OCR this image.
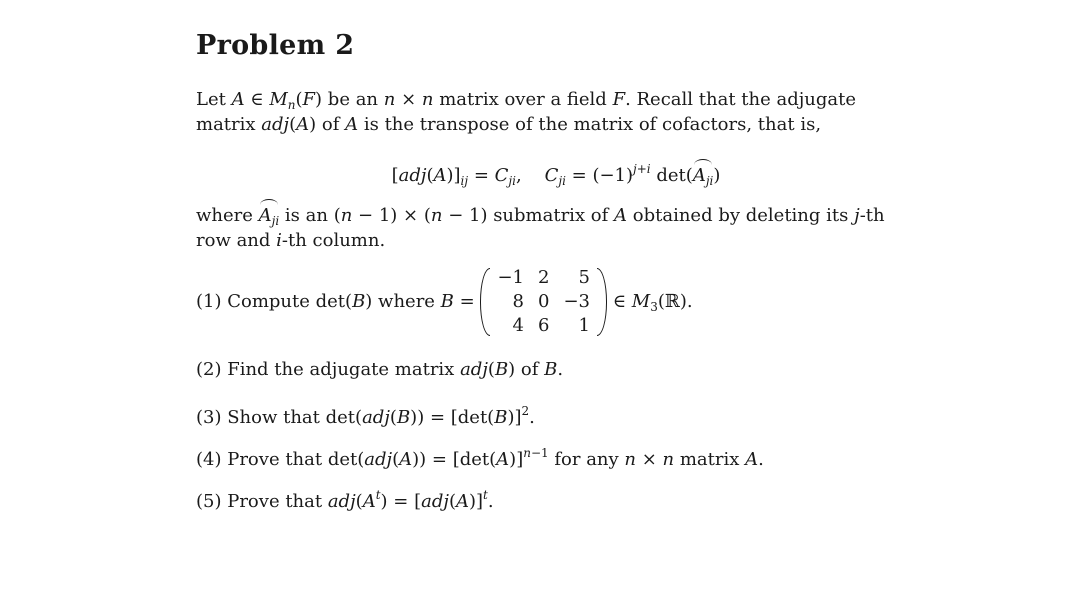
Problem 2
Let A ∈ $M_n(F)$ be an n × n matrix over a field F. Recall that the adjugate
matrix adj(A) of A is the transpose of the matrix of cofactors, that is,
$[adj(A)]_{ij} = C_{ji}$,    $C_{ji} = (-1)^{j+i}$ $\det(A_{ji})$
where $A_{ji}$ is an (n − 1) × (n − 1) submatrix of A obtained by deleting its j-th
row and i-th column.
(1) Compute det(B) where B =
−1	2	5
8	0	−3
4	6	1
∈ $M_3(ℝ)$.
(2) Find the adjugate matrix adj(B) of B.
(3) Show that $\det(adj(B)) = [\det(B)]^2$.
(4) Prove that $\det(adj(A)) = [\det(A)]^{n-1}$ for any n × n matrix A.
(5) Prove that $adj(A^t) = [adj(A)]^t$.
